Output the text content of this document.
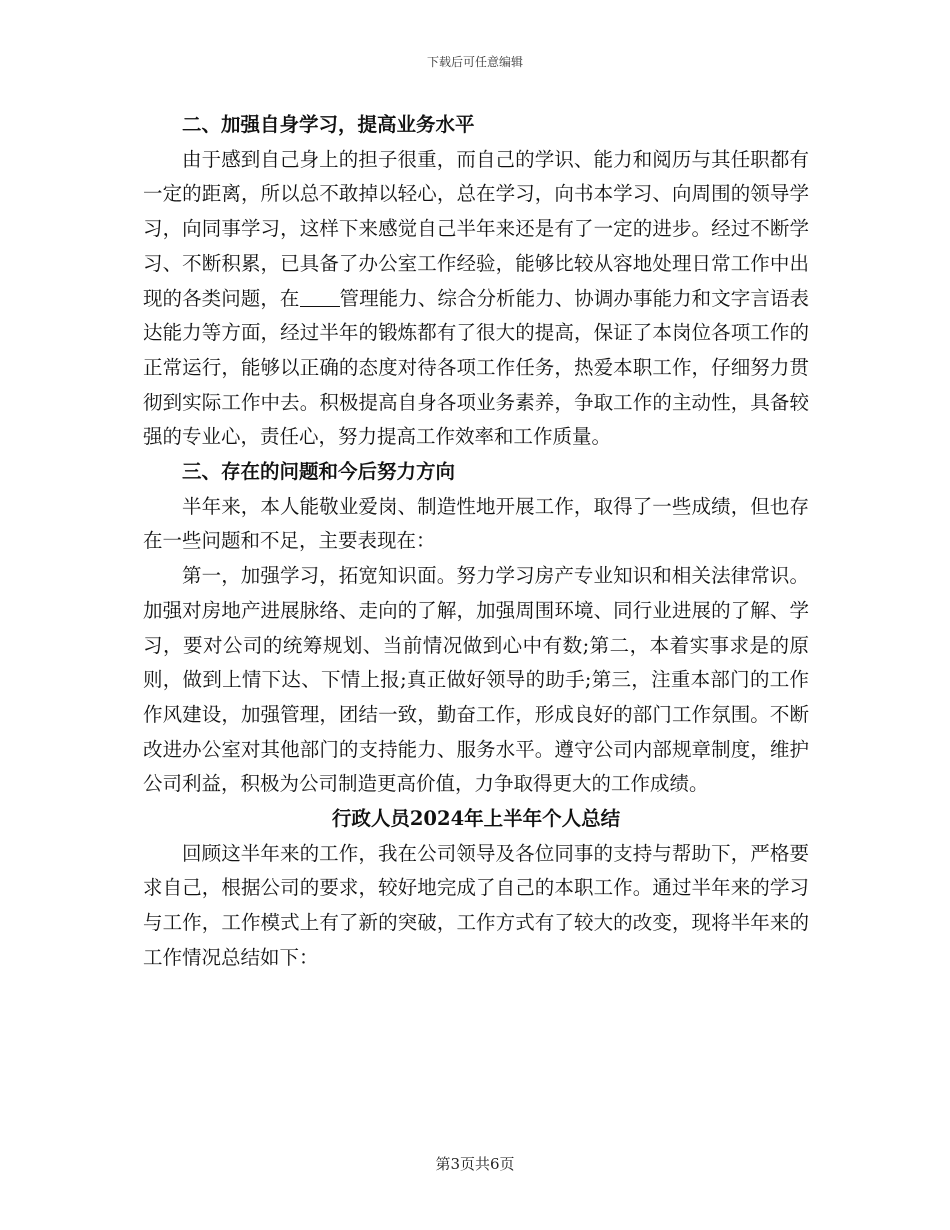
下载后可任意编辑
二、加强自身学习，提高业务水平

由于感到自己身上的担子很重，而自己的学识、能力和阅历与其任职都有一定的距离，所以总不敢掉以轻心，总在学习，向书本学习、向周围的领导学习，向同事学习，这样下来感觉自己半年来还是有了一定的进步。经过不断学习、不断积累，已具备了办公室工作经验，能够比较从容地处理日常工作中出现的各类问题，在 管理能力、综合分析能力、协调办事能力和文字言语表达能力等方面，经过半年的锻炼都有了很大的提高，保证了本岗位各项工作的正常运行，能够以正确的态度对待各项工作任务，热爱本职工作，仔细努力贯彻到实际工作中去。积极提高自身各项业务素养，争取工作的主动性，具备较强的专业心，责任心，努力提高工作效率和工作质量。

三、存在的问题和今后努力方向

半年来，本人能敬业爱岗、制造性地开展工作，取得了一些成绩，但也存在一些问题和不足，主要表现在：

第一，加强学习，拓宽知识面。努力学习房产专业知识和相关法律常识。加强对房地产进展脉络、走向的了解，加强周围环境、同行业进展的了解、学习，要对公司的统筹规划、当前情况做到心中有数;第二，本着实事求是的原则，做到上情下达、下情上报;真正做好领导的助手;第三，注重本部门的工作作风建设，加强管理，团结一致，勤奋工作，形成良好的部门工作氛围。不断改进办公室对其他部门的支持能力、服务水平。遵守公司内部规章制度，维护公司利益，积极为公司制造更高价值，力争取得更大的工作成绩。

行政人员2024年上半年个人总结

回顾这半年来的工作，我在公司领导及各位同事的支持与帮助下，严格要求自己，根据公司的要求，较好地完成了自己的本职工作。通过半年来的学习与工作，工作模式上有了新的突破，工作方式有了较大的改变，现将半年来的工作情况总结如下：

第3页共6页
